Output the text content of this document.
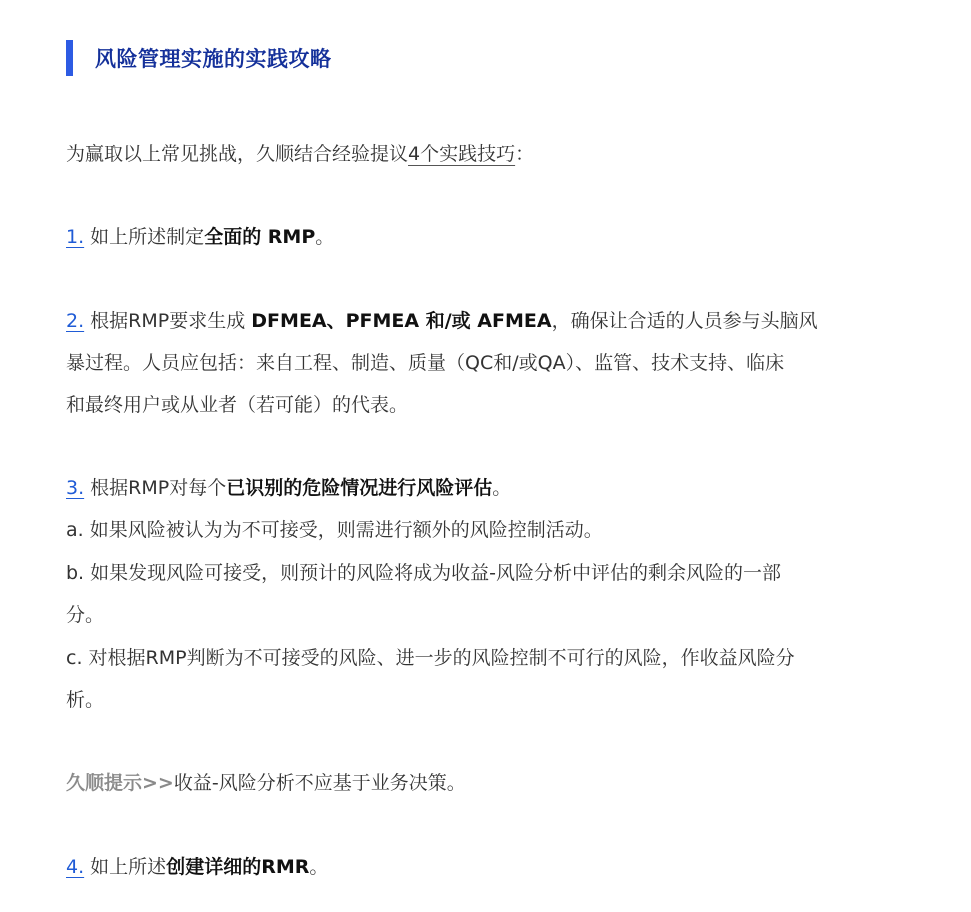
风险管理实施的实践攻略
为赢取以上常见挑战，久顺结合经验提议4个实践技巧：
1. 如上所述制定全面的 RMP。
2. 根据RMP要求生成 DFMEA、PFMEA 和/或 AFMEA，确保让合适的人员参与头脑风
暴过程。人员应包括：来自工程、制造、质量（QC和/或QA）、监管、技术支持、临床
和最终用户或从业者（若可能）的代表。
3. 根据RMP对每个已识别的危险情况进行风险评估。
a. 如果风险被认为为不可接受，则需进行额外的风险控制活动。
b. 如果发现风险可接受，则预计的风险将成为收益-风险分析中评估的剩余风险的一部
分。
c. 对根据RMP判断为不可接受的风险、进一步的风险控制不可行的风险，作收益风险分
析。
久顺提示>>收益-风险分析不应基于业务决策。
4. 如上所述创建详细的RMR。
